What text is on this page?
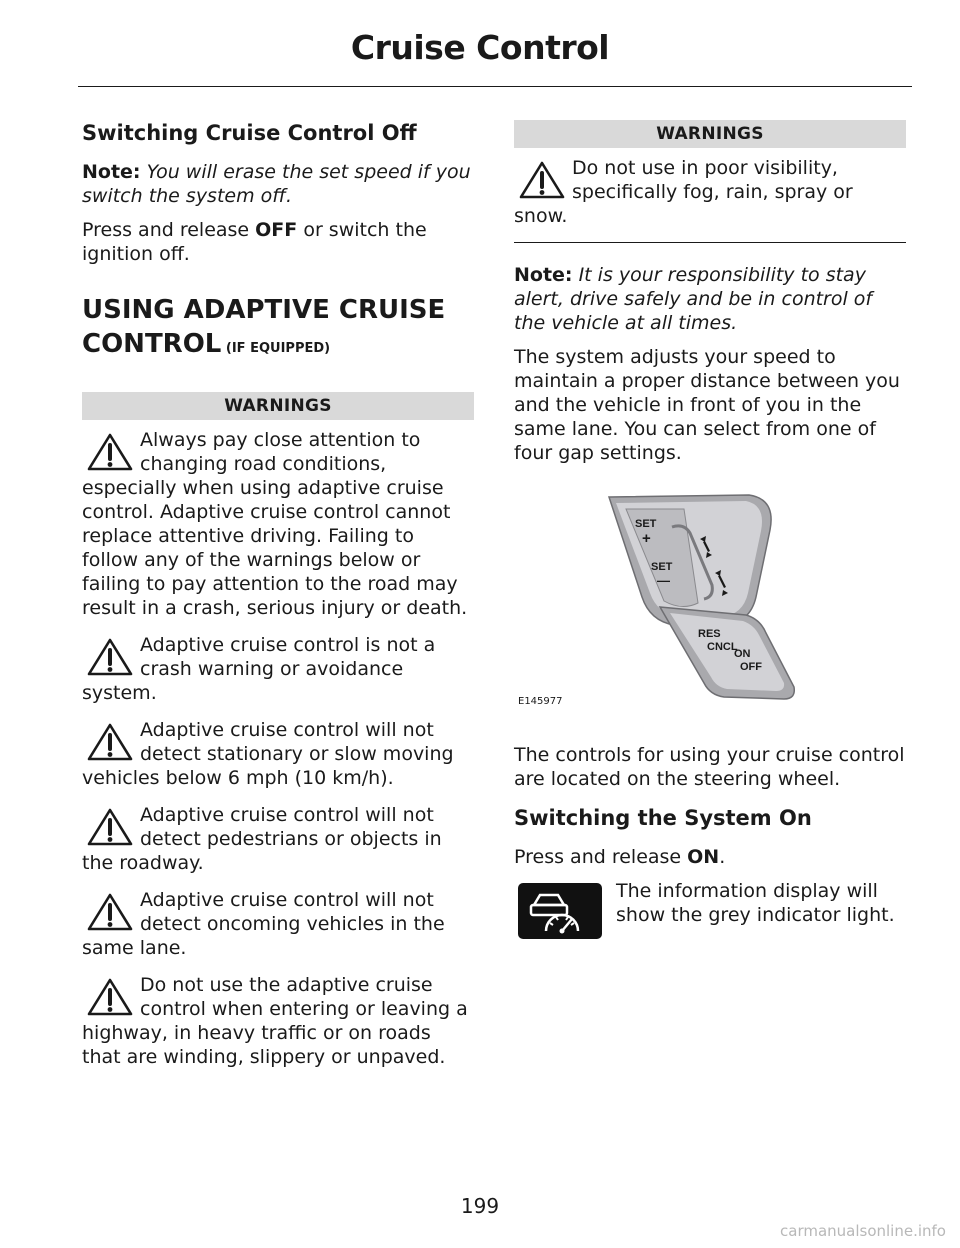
Cruise Control
Switching Cruise Control Off

Note: You will erase the set speed if you switch the system off.

Press and release OFF or switch the ignition off.

USING ADAPTIVE CRUISE CONTROL (IF EQUIPPED)
WARNINGS
Always pay close attention to changing road conditions, especially when using adaptive cruise control. Adaptive cruise control cannot replace attentive driving. Failing to follow any of the warnings below or failing to pay attention to the road may result in a crash, serious injury or death.
Adaptive cruise control is not a crash warning or avoidance system.
Adaptive cruise control will not detect stationary or slow moving vehicles below 6 mph (10 km/h).
Adaptive cruise control will not detect pedestrians or objects in the roadway.
Adaptive cruise control will not detect oncoming vehicles in the same lane.
Do not use the adaptive cruise control when entering or leaving a highway, in heavy traffic or on roads that are winding, slippery or unpaved.
WARNINGS
Do not use in poor visibility, specifically fog, rain, spray or snow.

Note: It is your responsibility to stay alert, drive safely and be in control of the vehicle at all times.

The system adjusts your speed to maintain a proper distance between you and the vehicle in front of you in the same lane. You can select from one of four gap settings.

SET
+
SET
—
RES
CNCL
ON
OFF
E145977

The controls for using your cruise control are located on the steering wheel.

Switching the System On

Press and release ON.

The information display will show the grey indicator light.

199
carmanualsonline.info
